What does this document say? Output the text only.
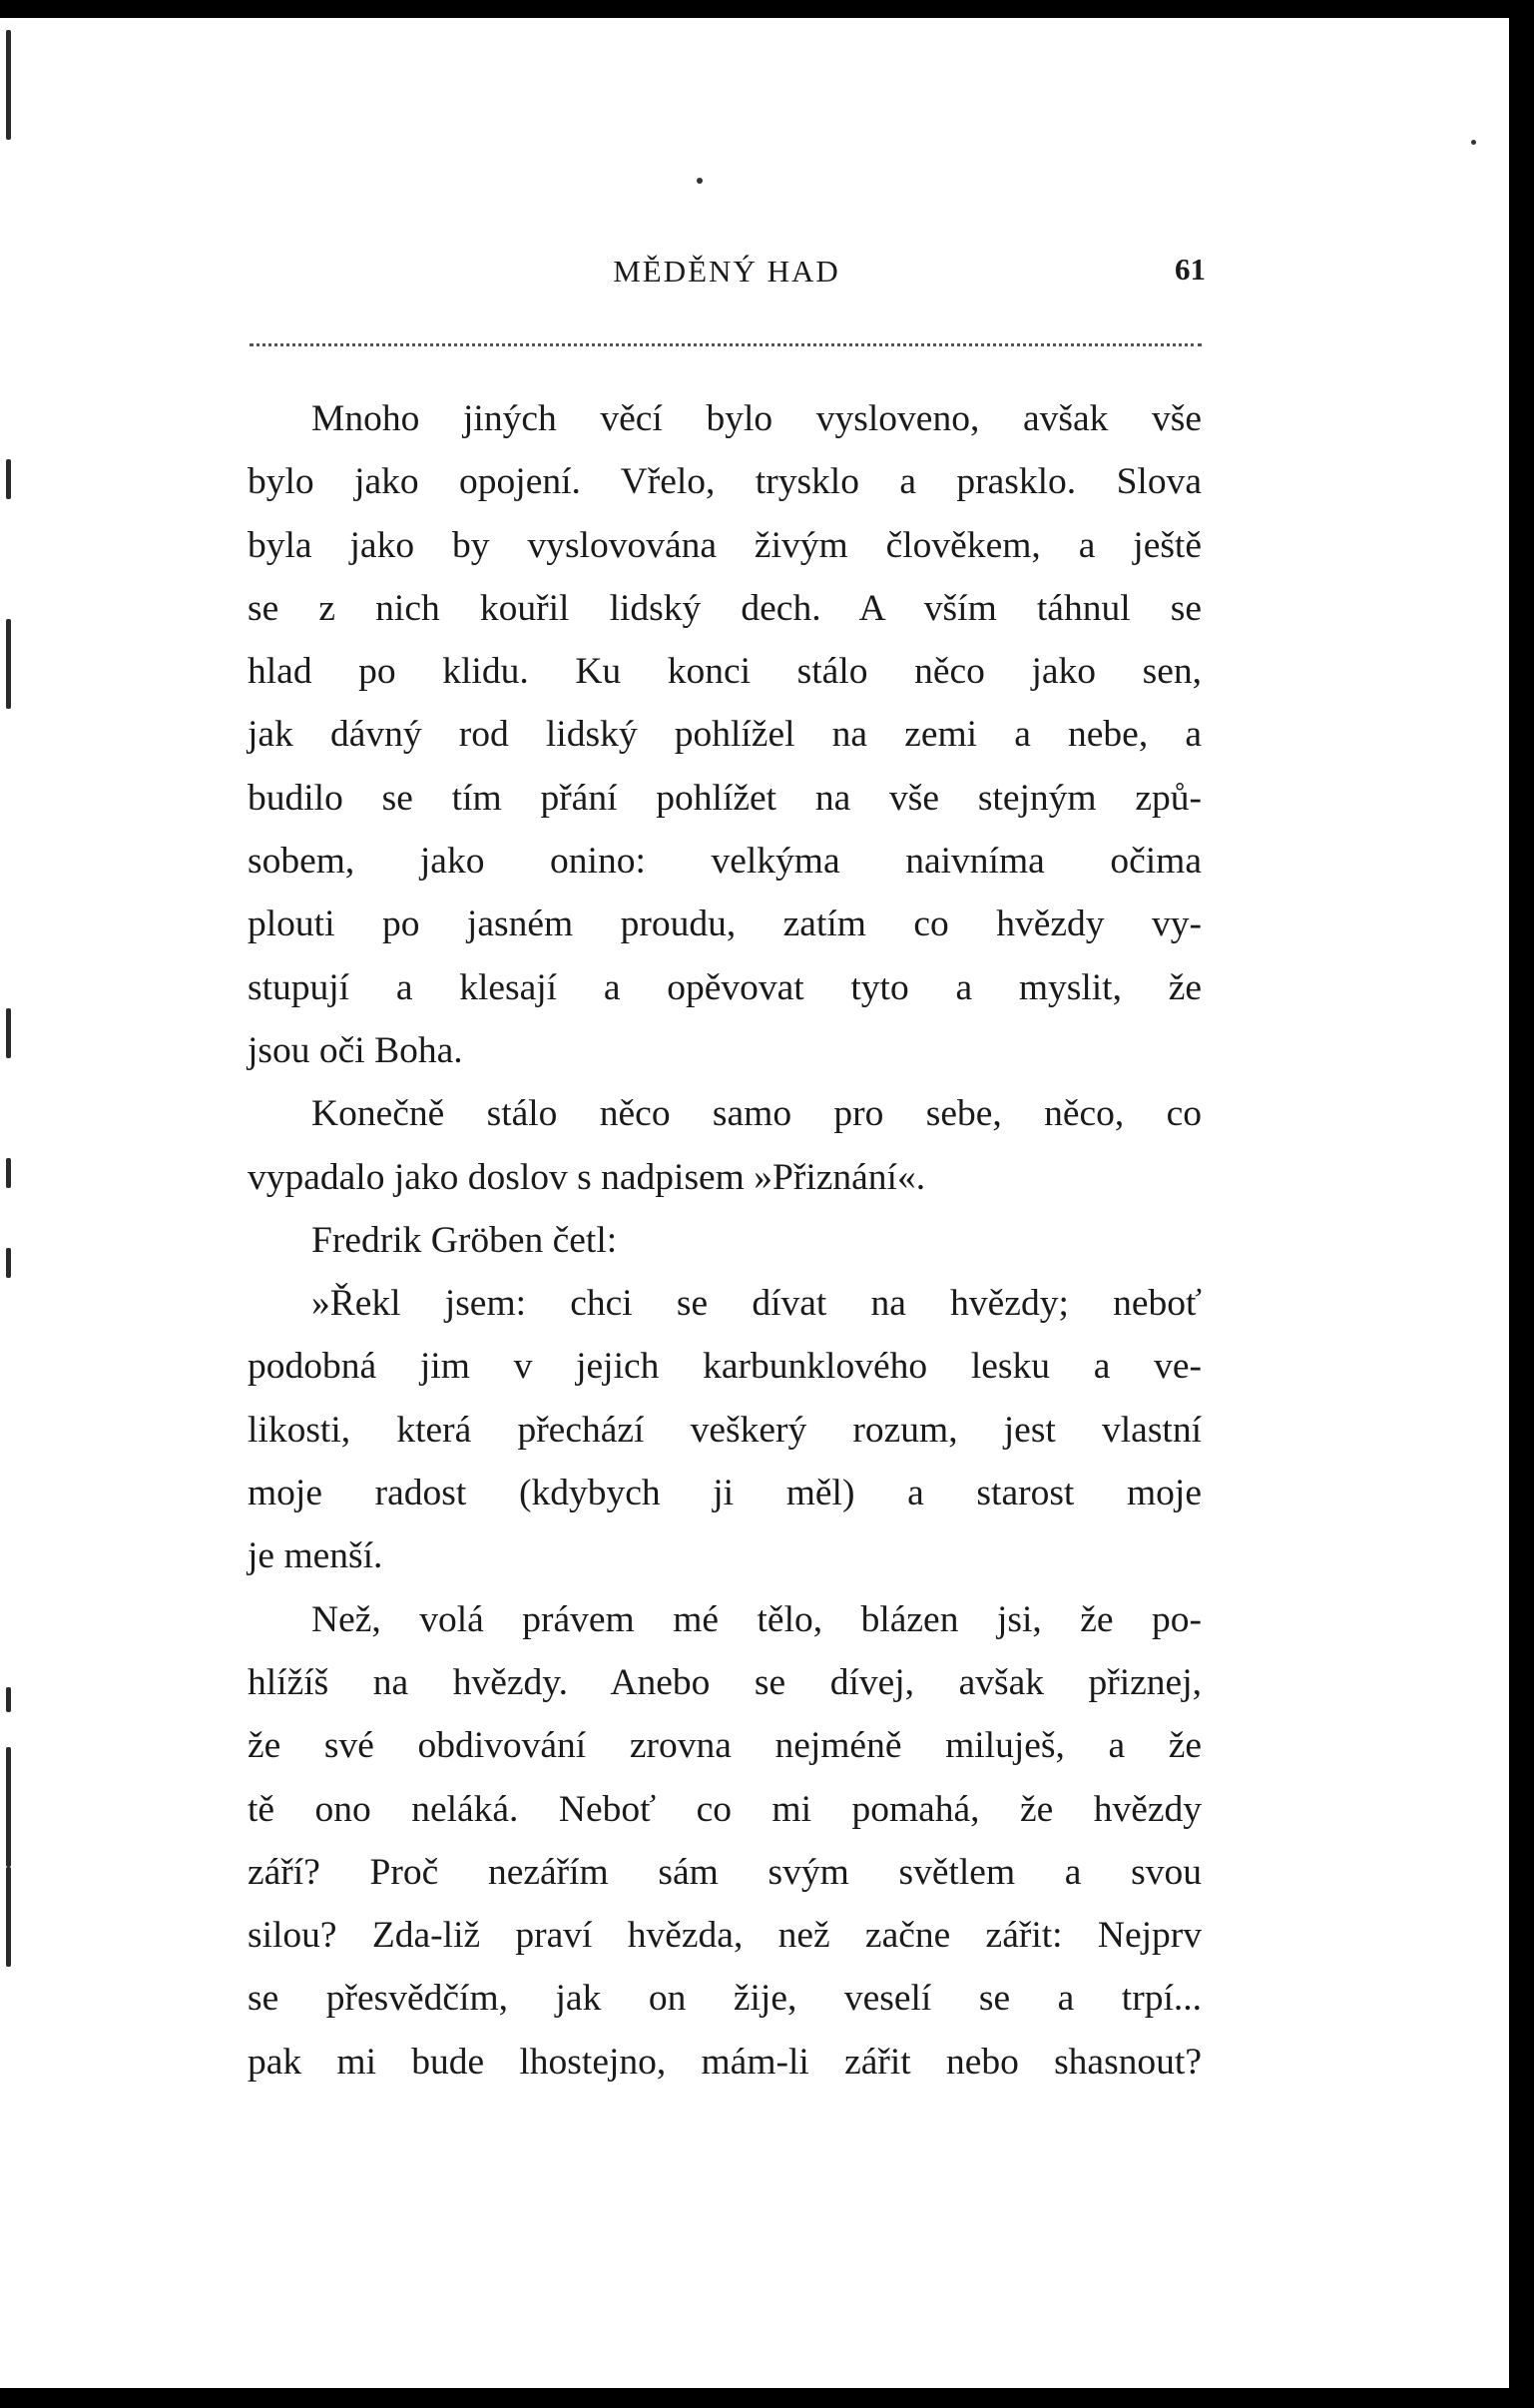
MĚDĚNÝ HAD	61
Mnoho jiných věcí bylo vysloveno, avšak vše
bylo jako opojení. Vřelo, trysklo a prasklo. Slova
byla jako by vyslovována živým člověkem, a ještě
se z nich kouřil lidský dech. A vším táhnul se
hlad po klidu. Ku konci stálo něco jako sen,
jak dávný rod lidský pohlížel na zemi a nebe, a
budilo se tím přání pohlížet na vše stejným způ-
sobem, jako onino: velkýma naivníma očima
plouti po jasném proudu, zatím co hvězdy vy-
stupují a klesají a opěvovat tyto a myslit, že
jsou oči Boha.
Konečně stálo něco samo pro sebe, něco, co
vypadalo jako doslov s nadpisem »Přiznání«.
Fredrik Gröben četl:
»Řekl jsem: chci se dívat na hvězdy; neboť
podobná jim v jejich karbunklového lesku a ve-
likosti, která přechází veškerý rozum, jest vlastní
moje radost (kdybych ji měl) a starost moje
je menší.
Než, volá právem mé tělo, blázen jsi, že po-
hlížíš na hvězdy. Anebo se dívej, avšak přiznej,
že své obdivování zrovna nejméně miluješ, a že
tě ono neláká. Neboť co mi pomahá, že hvězdy
září? Proč nezářím sám svým světlem a svou
silou? Zda-liž praví hvězda, než začne zářit: Nejprv
se přesvědčím, jak on žije, veselí se a trpí...
pak mi bude lhostejno, mám-li zářit nebo shasnout?
